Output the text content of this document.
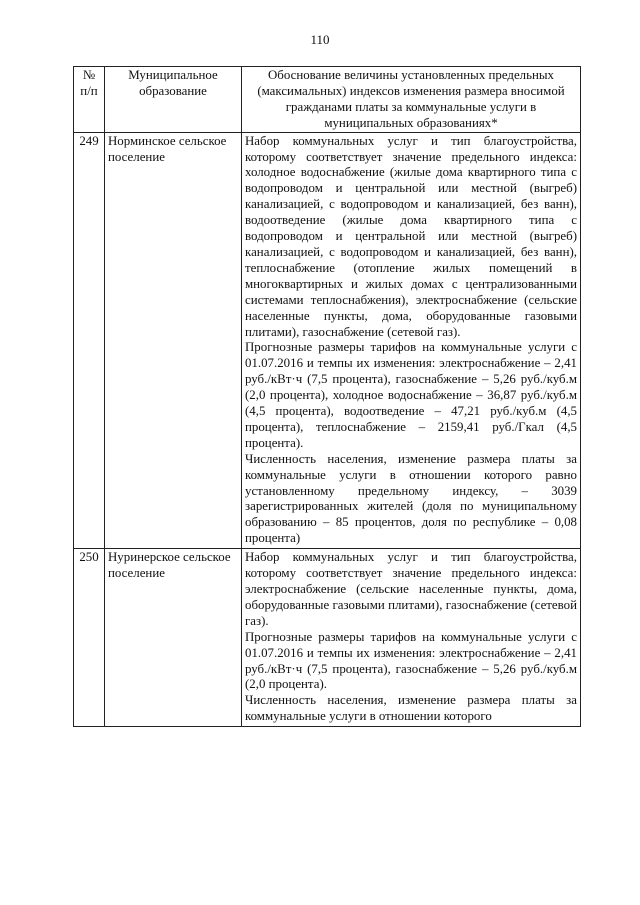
110
№
п/п	Муниципальное образование	Обоснование величины установленных предельных (максимальных) индексов изменения размера вносимой гражданами платы за коммунальные услуги в муниципальных образованиях*
249	Норминское сельское поселение	Набор коммунальных услуг и тип благоустройства, которому соответствует значение предельного индекса: холодное водоснабжение (жилые дома квартирного типа с водопроводом и центральной или местной (выгреб) канализацией, с водопроводом и канализацией, без ванн), водоотведение (жилые дома квартирного типа с водопроводом и центральной или местной (выгреб) канализацией, с водопроводом и канализацией, без ванн), теплоснабжение (отопление жилых помещений в многоквартирных и жилых домах с централизованными системами теплоснабжения), электроснабжение (сельские населенные пункты, дома, оборудованные газовыми плитами), газоснабжение (сетевой газ).

Прогнозные размеры тарифов на коммунальные услуги с 01.07.2016 и темпы их изменения: электроснабжение – 2,41 руб./кВт·ч (7,5 процента), газоснабжение – 5,26 руб./куб.м (2,0 процента), холодное водоснабжение – 36,87 руб./куб.м (4,5 процента), водоотведение – 47,21 руб./куб.м (4,5 процента), теплоснабжение – 2159,41 руб./Гкал (4,5 процента).

Численность населения, изменение размера платы за коммунальные услуги в отношении которого равно установленному предельному индексу, – 3039 зарегистрированных жителей (доля по муниципальному образованию – 85 процентов, доля по республике – 0,08 процента)

250	Нуринерское сельское поселение	Набор коммунальных услуг и тип благоустройства, которому соответствует значение предельного индекса: электроснабжение (сельские населенные пункты, дома, оборудованные газовыми плитами), газоснабжение (сетевой газ).

Прогнозные размеры тарифов на коммунальные услуги с 01.07.2016 и темпы их изменения: электроснабжение – 2,41 руб./кВт·ч (7,5 процента), газоснабжение – 5,26 руб./куб.м (2,0 процента).

Численность населения, изменение размера платы за коммунальные услуги в отношении которого
